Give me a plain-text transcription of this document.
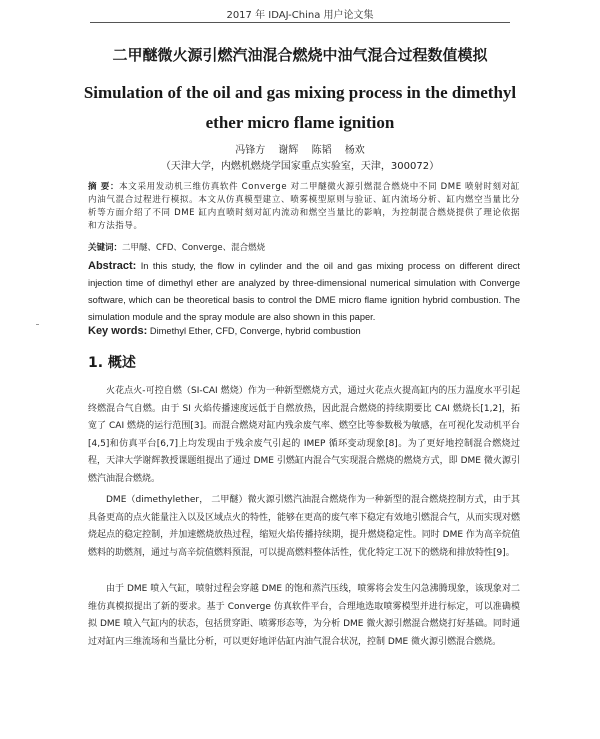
2017 年 IDAJ-China 用户论文集
二甲醚微火源引燃汽油混合燃烧中油气混合过程数值模拟
Simulation of the oil and gas mixing process in the dimethyl ether micro flame ignition
冯锋方 谢辉 陈韬 杨欢
（天津大学，内燃机燃烧学国家重点实验室，天津，300072）
摘 要：本文采用发动机三维仿真软件 Converge 对二甲醚微火源引燃混合燃烧中不同 DME 喷射时刻对缸内油气混合过程进行模拟。本文从仿真模型建立、喷雾模型原则与验证、缸内流场分析、缸内燃空当量比分析等方面介绍了不同 DME 缸内直喷时刻对缸内流动和燃空当量比的影响，为控制混合燃烧提供了理论依据和方法指导。
关键词：二甲醚、CFD、Converge、混合燃烧
Abstract: In this study, the flow in cylinder and the oil and gas mixing process on different direct injection time of dimethyl ether are analyzed by three-dimensional numerical simulation with Converge software, which can be theoretical basis to control the DME micro flame ignition hybrid combustion. The simulation module and the spray module are also shown in this paper.
Key words: Dimethyl Ether, CFD, Converge, hybrid combustion
1. 概述

火花点火-可控自燃（SI-CAI 燃烧）作为一种新型燃烧方式，通过火花点火提高缸内的压力温度水平引起终燃混合气自燃。由于 SI 火焰传播速度远低于自燃放热，因此混合燃烧的持续期要比 CAI 燃烧长[1,2]，拓宽了 CAI 燃烧的运行范围[3]。而混合燃烧对缸内残余废气率、燃空比等参数极为敏感，在可视化发动机平台[4,5]和仿真平台[6,7]上均发现由于残余废气引起的 IMEP 循环变动现象[8]。为了更好地控制混合燃烧过程，天津大学谢辉教授课题组提出了通过 DME 引燃缸内混合气实现混合燃烧的燃烧方式，即 DME 微火源引燃汽油混合燃烧。

DME（dimethylether， 二甲醚）微火源引燃汽油混合燃烧作为一种新型的混合燃烧控制方式，由于其具备更高的点火能量注入以及区域点火的特性，能够在更高的废气率下稳定有效地引燃混合气，从而实现对燃烧起点的稳定控制，并加速燃烧放热过程，缩短火焰传播持续期，提升燃烧稳定性。同时 DME 作为高辛烷值燃料的助燃剂，通过与高辛烷值燃料预混，可以提高燃料整体活性，优化特定工况下的燃烧和排放特性[9]。

由于 DME 喷入气缸，喷射过程会穿越 DME 的饱和蒸汽压线，喷雾将会发生闪急沸腾现象，该现象对二维仿真模拟提出了新的要求。基于 Converge 仿真软件平台，合理地选取喷雾模型并进行标定，可以准确模拟 DME 喷入气缸内的状态，包括贯穿距、喷雾形态等，为分析 DME 微火源引燃混合燃烧打好基础。同时通过对缸内三维流场和当量比分析，可以更好地评估缸内油气混合状况，控制 DME 微火源引燃混合燃烧。
